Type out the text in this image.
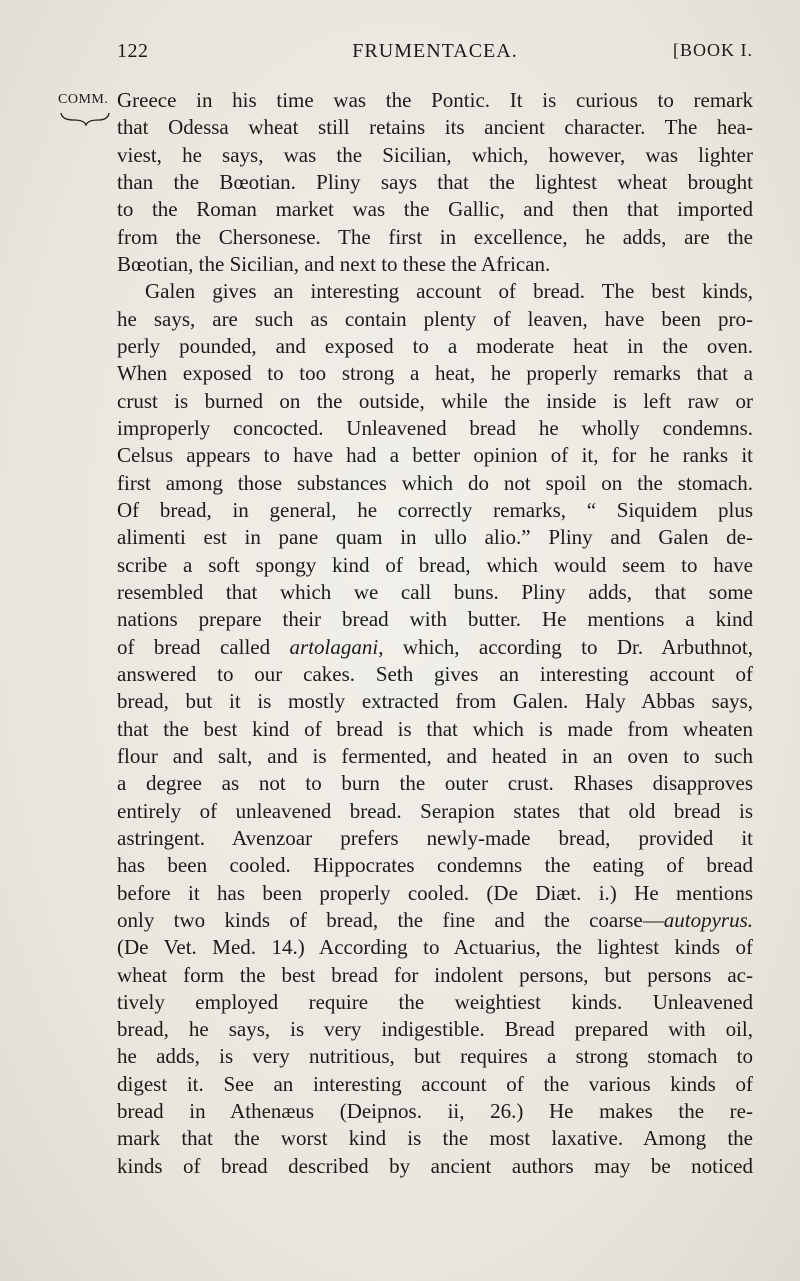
122	FRUMENTACEA.	[BOOK I.
COMM. Greece in his time was the Pontic. It is curious to remark
that Odessa wheat still retains its ancient character. The hea-
viest, he says, was the Sicilian, which, however, was lighter
than the Bœotian. Pliny says that the lightest wheat brought
to the Roman market was the Gallic, and then that imported
from the Chersonese. The first in excellence, he adds, are the
Bœotian, the Sicilian, and next to these the African.
Galen gives an interesting account of bread. The best kinds,
he says, are such as contain plenty of leaven, have been pro-
perly pounded, and exposed to a moderate heat in the oven.
When exposed to too strong a heat, he properly remarks that a
crust is burned on the outside, while the inside is left raw or
improperly concocted. Unleavened bread he wholly condemns.
Celsus appears to have had a better opinion of it, for he ranks it
first among those substances which do not spoil on the stomach.
Of bread, in general, he correctly remarks, “ Siquidem plus
alimenti est in pane quam in ullo alio.” Pliny and Galen de-
scribe a soft spongy kind of bread, which would seem to have
resembled that which we call buns. Pliny adds, that some
nations prepare their bread with butter. He mentions a kind
of bread called artolagani, which, according to Dr. Arbuthnot,
answered to our cakes. Seth gives an interesting account of
bread, but it is mostly extracted from Galen. Haly Abbas says,
that the best kind of bread is that which is made from wheaten
flour and salt, and is fermented, and heated in an oven to such
a degree as not to burn the outer crust. Rhases disapproves
entirely of unleavened bread. Serapion states that old bread is
astringent. Avenzoar prefers newly-made bread, provided it
has been cooled. Hippocrates condemns the eating of bread
before it has been properly cooled. (De Diæt. i.) He mentions
only two kinds of bread, the fine and the coarse—autopyrus.
(De Vet. Med. 14.) According to Actuarius, the lightest kinds of
wheat form the best bread for indolent persons, but persons ac-
tively employed require the weightiest kinds. Unleavened
bread, he says, is very indigestible. Bread prepared with oil,
he adds, is very nutritious, but requires a strong stomach to
digest it. See an interesting account of the various kinds of
bread in Athenæus (Deipnos. ii, 26.) He makes the re-
mark that the worst kind is the most laxative. Among the
kinds of bread described by ancient authors may be noticed
